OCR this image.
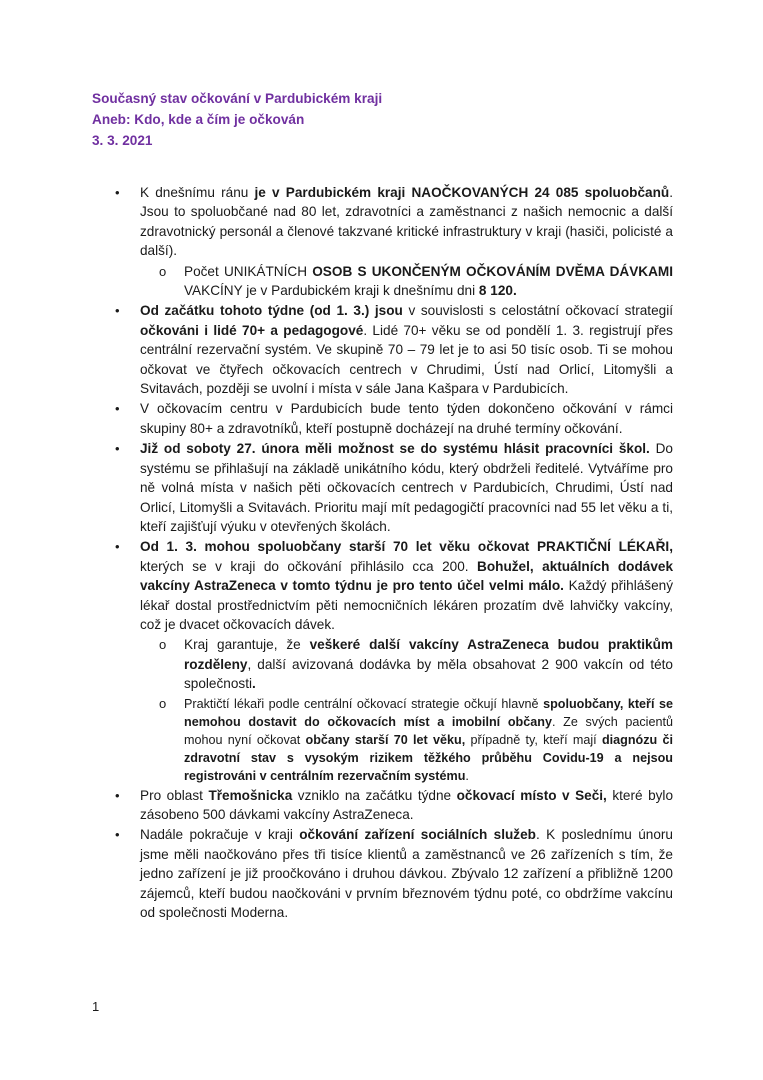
Současný stav očkování v Pardubickém kraji
Aneb: Kdo, kde a čím je očkován
3. 3. 2021
• K dnešnímu ránu je v Pardubickém kraji NAOČKOVANÝCH 24 085 spoluobčanů. Jsou to spoluobčané nad 80 let, zdravotníci a zaměstnanci z našich nemocnic a další zdravotnický personál a členové takzvané kritické infrastruktury v kraji (hasiči, policisté a další).
o Počet UNIKÁTNÍCH OSOB S UKONČENÝM OČKOVÁNÍM DVĚMA DÁVKAMI VAKCÍNY je v Pardubickém kraji k dnešnímu dni 8 120.
• Od začátku tohoto týdne (od 1. 3.) jsou v souvislosti s celostátní očkovací strategií očkováni i lidé 70+ a pedagogové. Lidé 70+ věku se od pondělí 1. 3. registrují přes centrální rezervační systém. Ve skupině 70 – 79 let je to asi 50 tisíc osob. Ti se mohou očkovat ve čtyřech očkovacích centrech v Chrudimi, Ústí nad Orlicí, Litomyšli a Svitavách, později se uvolní i místa v sále Jana Kašpara v Pardubicích.
• V očkovacím centru v Pardubicích bude tento týden dokončeno očkování v rámci skupiny 80+ a zdravotníků, kteří postupně docházejí na druhé termíny očkování.
• Již od soboty 27. února měli možnost se do systému hlásit pracovníci škol. Do systému se přihlašují na základě unikátního kódu, který obdrželi ředitelé. Vytváříme pro ně volná místa v našich pěti očkovacích centrech v Pardubicích, Chrudimi, Ústí nad Orlicí, Litomyšli a Svitavách. Prioritu mají mít pedagogičtí pracovníci nad 55 let věku a ti, kteří zajišťují výuku v otevřených školách.
• Od 1. 3. mohou spoluobčany starší 70 let věku očkovat PRAKTIČNÍ LÉKAŘI, kterých se v kraji do očkování přihlásilo cca 200. Bohužel, aktuálních dodávek vakcíny AstraZeneca v tomto týdnu je pro tento účel velmi málo. Každý přihlášený lékař dostal prostřednictvím pěti nemocničních lékáren prozatím dvě lahvičky vakcíny, což je dvacet očkovacích dávek.
o Kraj garantuje, že veškeré další vakcíny AstraZeneca budou praktikům rozděleny, další avizovaná dodávka by měla obsahovat 2 900 vakcín od této společnosti.
o Praktičtí lékaři podle centrální očkovací strategie očkují hlavně spoluobčany, kteří se nemohou dostavit do očkovacích míst a imobilní občany. Ze svých pacientů mohou nyní očkovat občany starší 70 let věku, případně ty, kteří mají diagnózu či zdravotní stav s vysokým rizikem těžkého průběhu Covidu-19 a nejsou registrováni v centrálním rezervačním systému.
• Pro oblast Třemošnicka vzniklo na začátku týdne očkovací místo v Seči, které bylo zásobeno 500 dávkami vakcíny AstraZeneca.
• Nadále pokračuje v kraji očkování zařízení sociálních služeb. K poslednímu únoru jsme měli naočkováno přes tři tisíce klientů a zaměstnanců ve 26 zařízeních s tím, že jedno zařízení je již proočkováno i druhou dávkou. Zbývalo 12 zařízení a přibližně 1200 zájemců, kteří budou naočkováni v prvním březnovém týdnu poté, co obdržíme vakcínu od společnosti Moderna.
1
